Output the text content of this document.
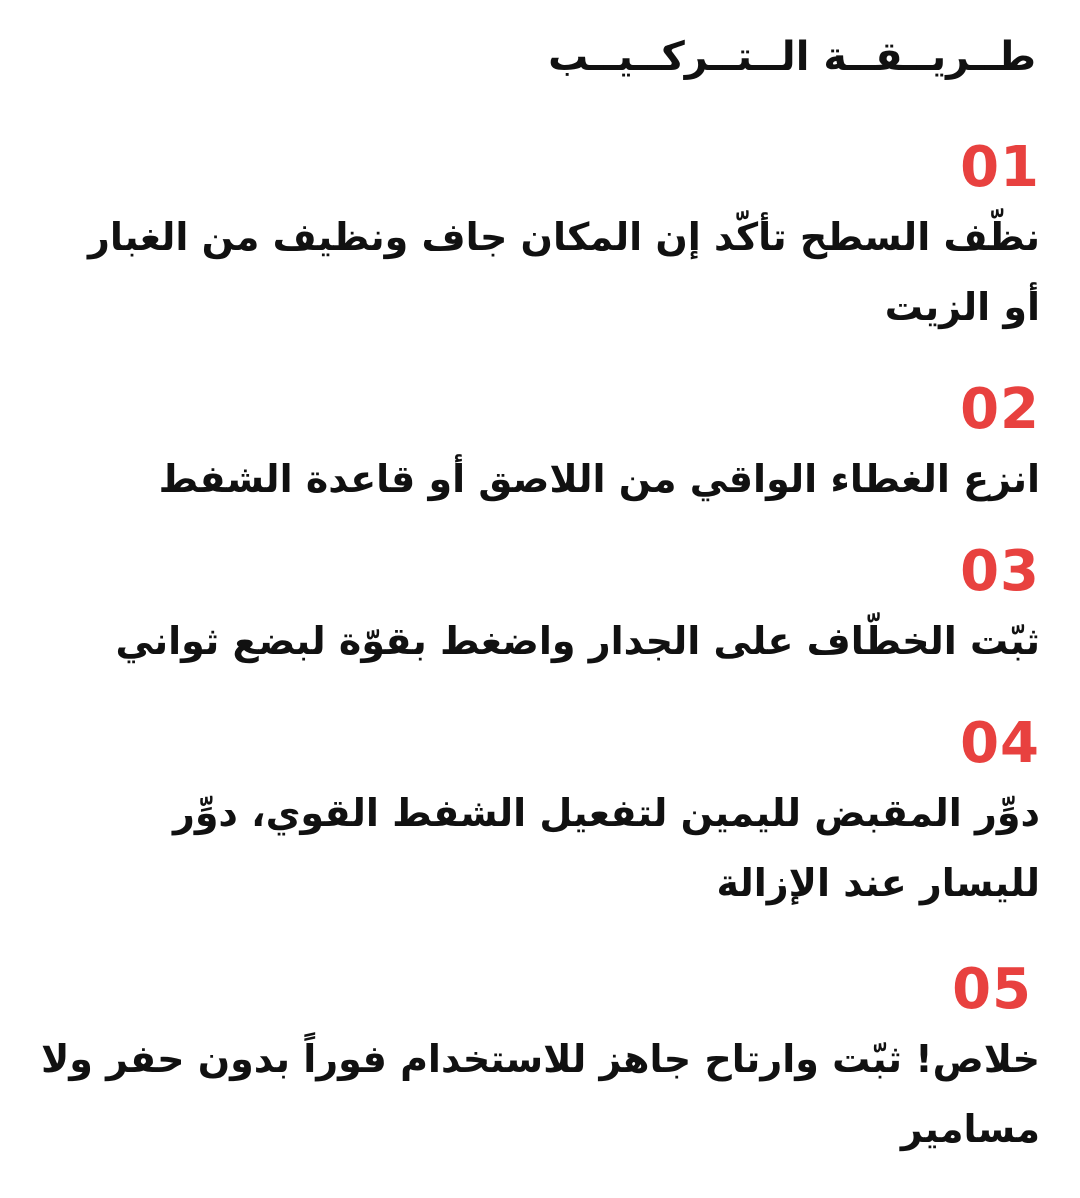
طــريــقــة الــتــركــيــب
01
نظّف السطح تأكّد إن المكان جاف ونظيف من الغبار أو الزيت
02
انزع الغطاء الواقي من اللاصق أو قاعدة الشفط
03
ثبّت الخطّاف على الجدار واضغط بقوّة لبضع ثواني
04
دوِّر المقبض لليمين لتفعيل الشفط القوي، دوِّر لليسار عند الإزالة
05
خلاص! ثبّت وارتاح جاهز للاستخدام فوراً بدون حفر ولا مسامير
